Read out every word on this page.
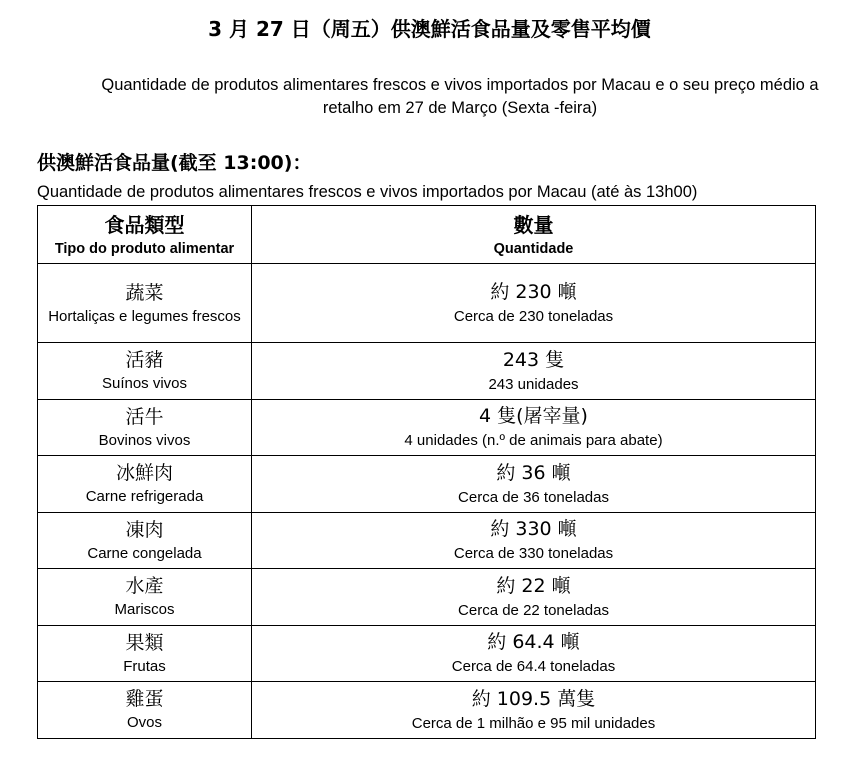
3 月 27 日（周五）供澳鮮活食品量及零售平均價
Quantidade de produtos alimentares frescos e vivos importados por Macau e o seu preço médio a retalho em 27 de Março (Sexta -feira)
供澳鮮活食品量(截至 13:00)：
Quantidade de produtos alimentares frescos e vivos importados por Macau (até às 13h00)
食品類型
Tipo do produto alimentar	數量
Quantidade

蔬菜
Hortaliças e legumes frescos	約 230 噸
Cerca de 230 toneladas

活豬
Suínos vivos	243 隻
243 unidades

活牛
Bovinos vivos	4 隻(屠宰量)
4 unidades (n.º de animais para abate)

冰鮮肉
Carne refrigerada	約 36 噸
Cerca de 36 toneladas

凍肉
Carne congelada	約 330 噸
Cerca de 330 toneladas

水產
Mariscos	約 22 噸
Cerca de 22 toneladas

果類
Frutas	約 64.4 噸
Cerca de 64.4 toneladas

雞蛋
Ovos	約 109.5 萬隻
Cerca de 1 milhão e 95 mil unidades
